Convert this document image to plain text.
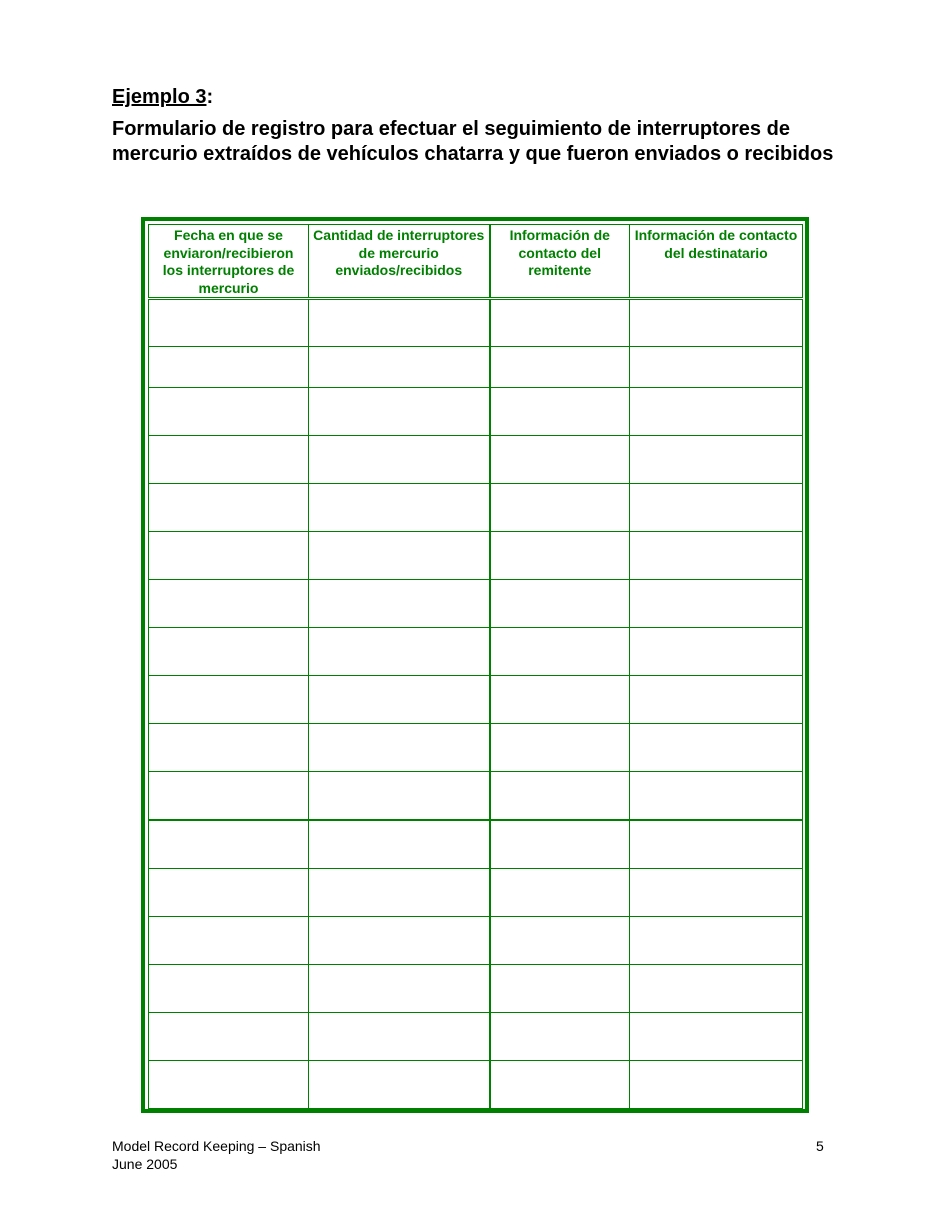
Ejemplo 3:
Formulario de registro para efectuar el seguimiento de interruptores de mercurio extraídos de vehículos chatarra y que fueron enviados o recibidos
Fecha en que se enviaron/recibieron los interruptores de mercurio	Cantidad de interruptores de mercurio enviados/recibidos	Información de contacto del remitente	Información de contacto del destinatario

Model Record Keeping – Spanish
June 2005
5
